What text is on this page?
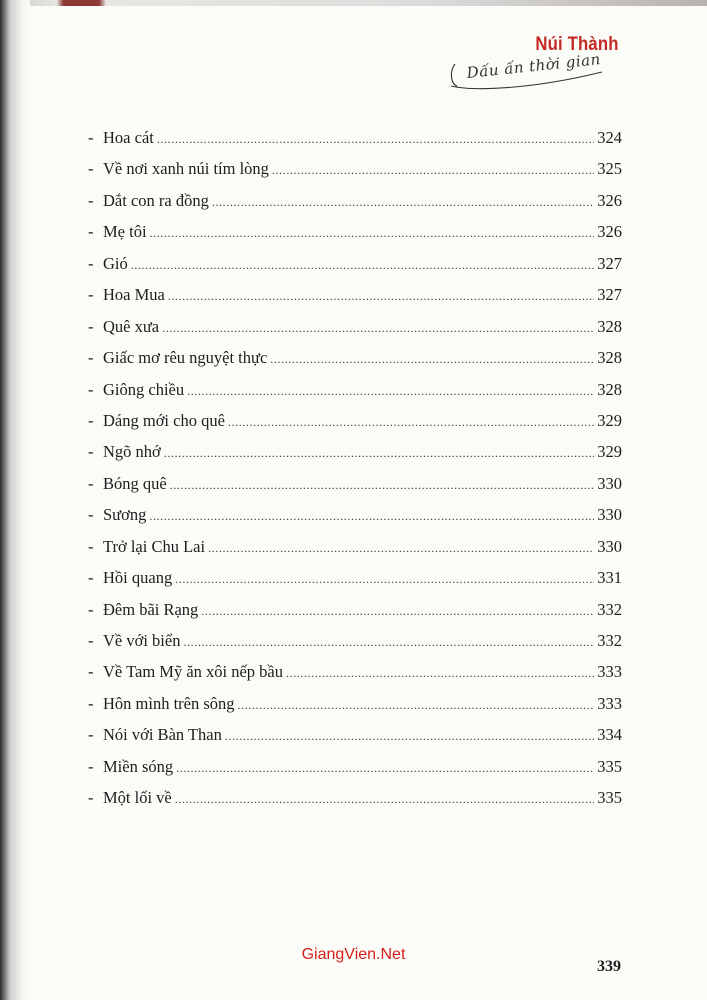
Núi Thành
Dấu ấn thời gian
- Hoa cát .....	324
- Về nơi xanh núi tím lòng .....	325
- Dắt con ra đồng .....	326
- Mẹ tôi .....	326
- Gió .....	327
- Hoa Mua .....	327
- Quê xưa .....	328
- Giấc mơ rêu nguyệt thực .....	328
- Giông chiều .....	328
- Dáng mới cho quê .....	329
- Ngõ nhớ .....	329
- Bóng quê .....	330
- Sương .....	330
- Trở lại Chu Lai .....	330
- Hồi quang .....	331
- Đêm bãi Rạng .....	332
- Về với biển .....	332
- Về Tam Mỹ ăn xôi nếp bầu .....	333
- Hôn mình trên sông .....	333
- Nói với Bàn Than .....	334
- Miền sóng .....	335
- Một lối về .....	335
GiangVien.Net
339
